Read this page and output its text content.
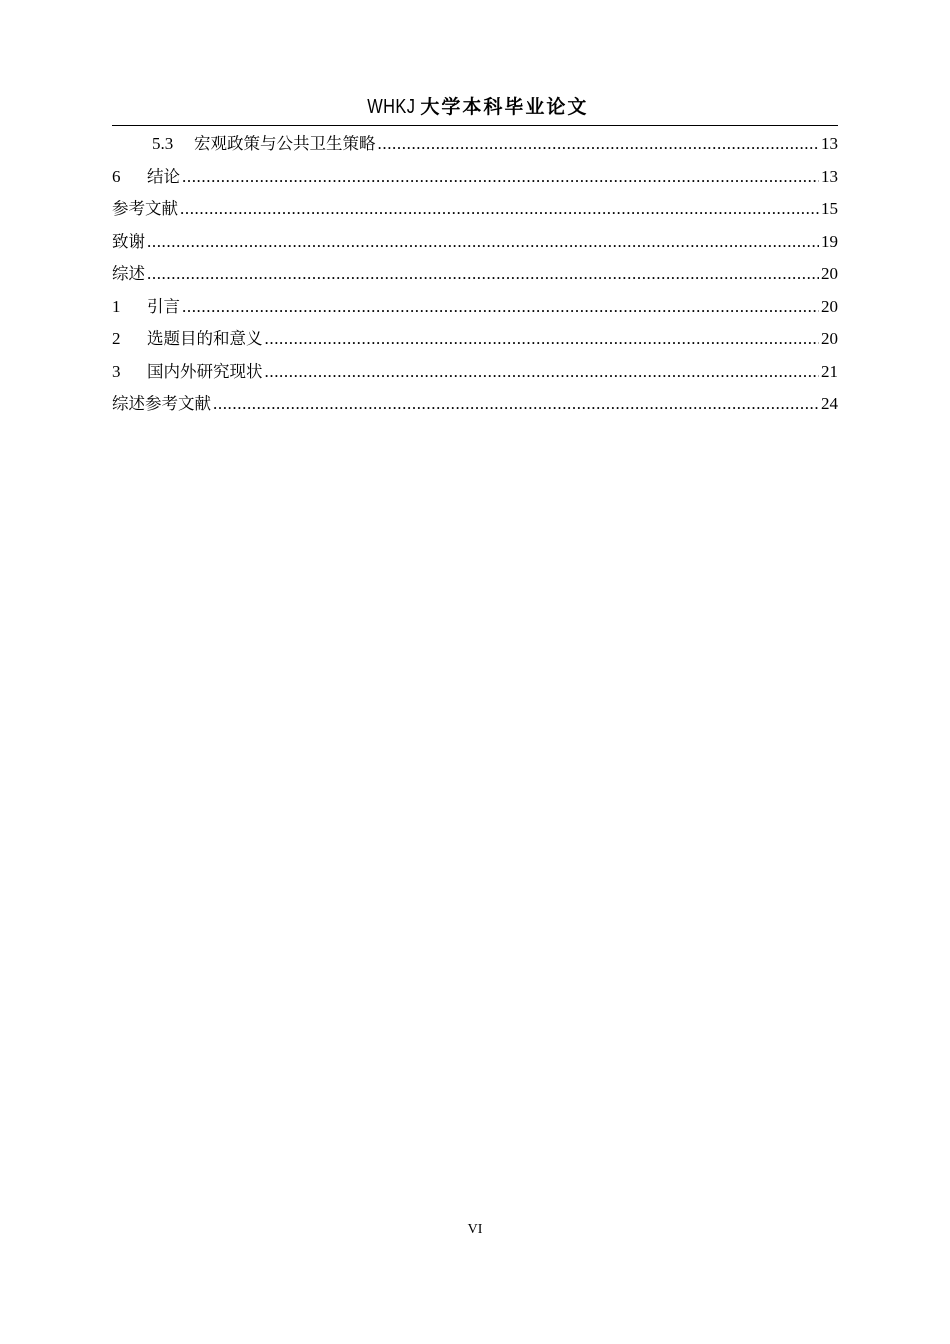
WHKJ 大学本科毕业论文
5.3	宏观政策与公共卫生策略 .....	13
6	结论 .....	13
参考文献 .....	15
致谢 .....	19
综述 .....	20
1	引言 .....	20
2	选题目的和意义 .....	20
3	国内外研究现状 .....	21
综述参考文献 .....	24
VI
